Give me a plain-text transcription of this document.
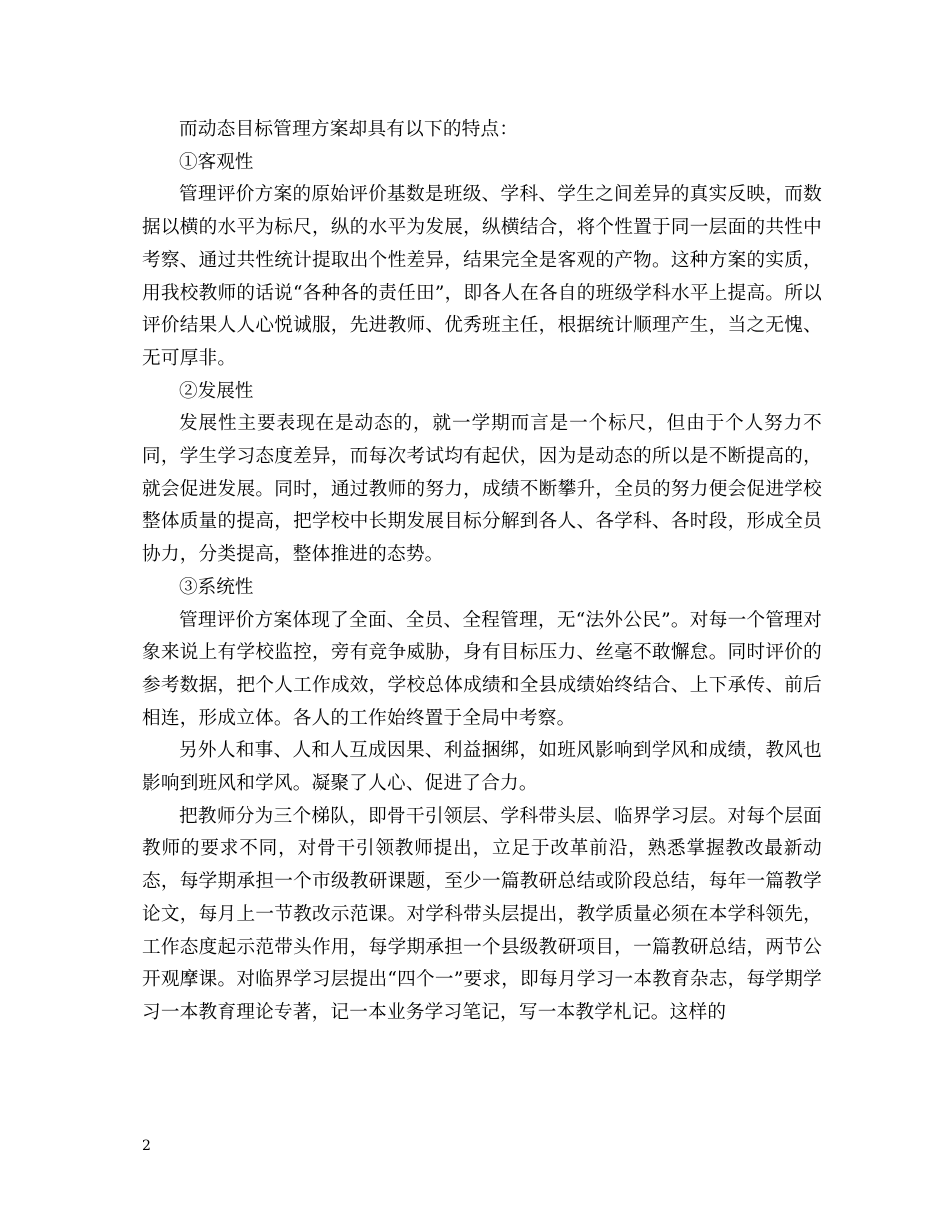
而动态目标管理方案却具有以下的特点：

①客观性

管理评价方案的原始评价基数是班级、学科、学生之间差异的真实反映，而数据以横的水平为标尺，纵的水平为发展，纵横结合，将个性置于同一层面的共性中考察、通过共性统计提取出个性差异，结果完全是客观的产物。这种方案的实质，用我校教师的话说“各种各的责任田”，即各人在各自的班级学科水平上提高。所以评价结果人人心悦诚服，先进教师、优秀班主任，根据统计顺理产生，当之无愧、无可厚非。

②发展性

发展性主要表现在是动态的，就一学期而言是一个标尺，但由于个人努力不同，学生学习态度差异，而每次考试均有起伏，因为是动态的所以是不断提高的，就会促进发展。同时，通过教师的努力，成绩不断攀升，全员的努力便会促进学校整体质量的提高，把学校中长期发展目标分解到各人、各学科、各时段，形成全员协力，分类提高，整体推进的态势。

③系统性

管理评价方案体现了全面、全员、全程管理，无“法外公民”。对每一个管理对象来说上有学校监控，旁有竞争威胁，身有目标压力、丝毫不敢懈怠。同时评价的参考数据，把个人工作成效，学校总体成绩和全县成绩始终结合、上下承传、前后相连，形成立体。各人的工作始终置于全局中考察。

另外人和事、人和人互成因果、利益捆绑，如班风影响到学风和成绩，教风也影响到班风和学风。凝聚了人心、促进了合力。

把教师分为三个梯队，即骨干引领层、学科带头层、临界学习层。对每个层面教师的要求不同，对骨干引领教师提出，立足于改革前沿，熟悉掌握教改最新动态，每学期承担一个市级教研课题，至少一篇教研总结或阶段总结，每年一篇教学论文，每月上一节教改示范课。对学科带头层提出，教学质量必须在本学科领先，工作态度起示范带头作用，每学期承担一个县级教研项目，一篇教研总结，两节公开观摩课。对临界学习层提出“四个一”要求，即每月学习一本教育杂志，每学期学习一本教育理论专著，记一本业务学习笔记，写一本教学札记。这样的

2
